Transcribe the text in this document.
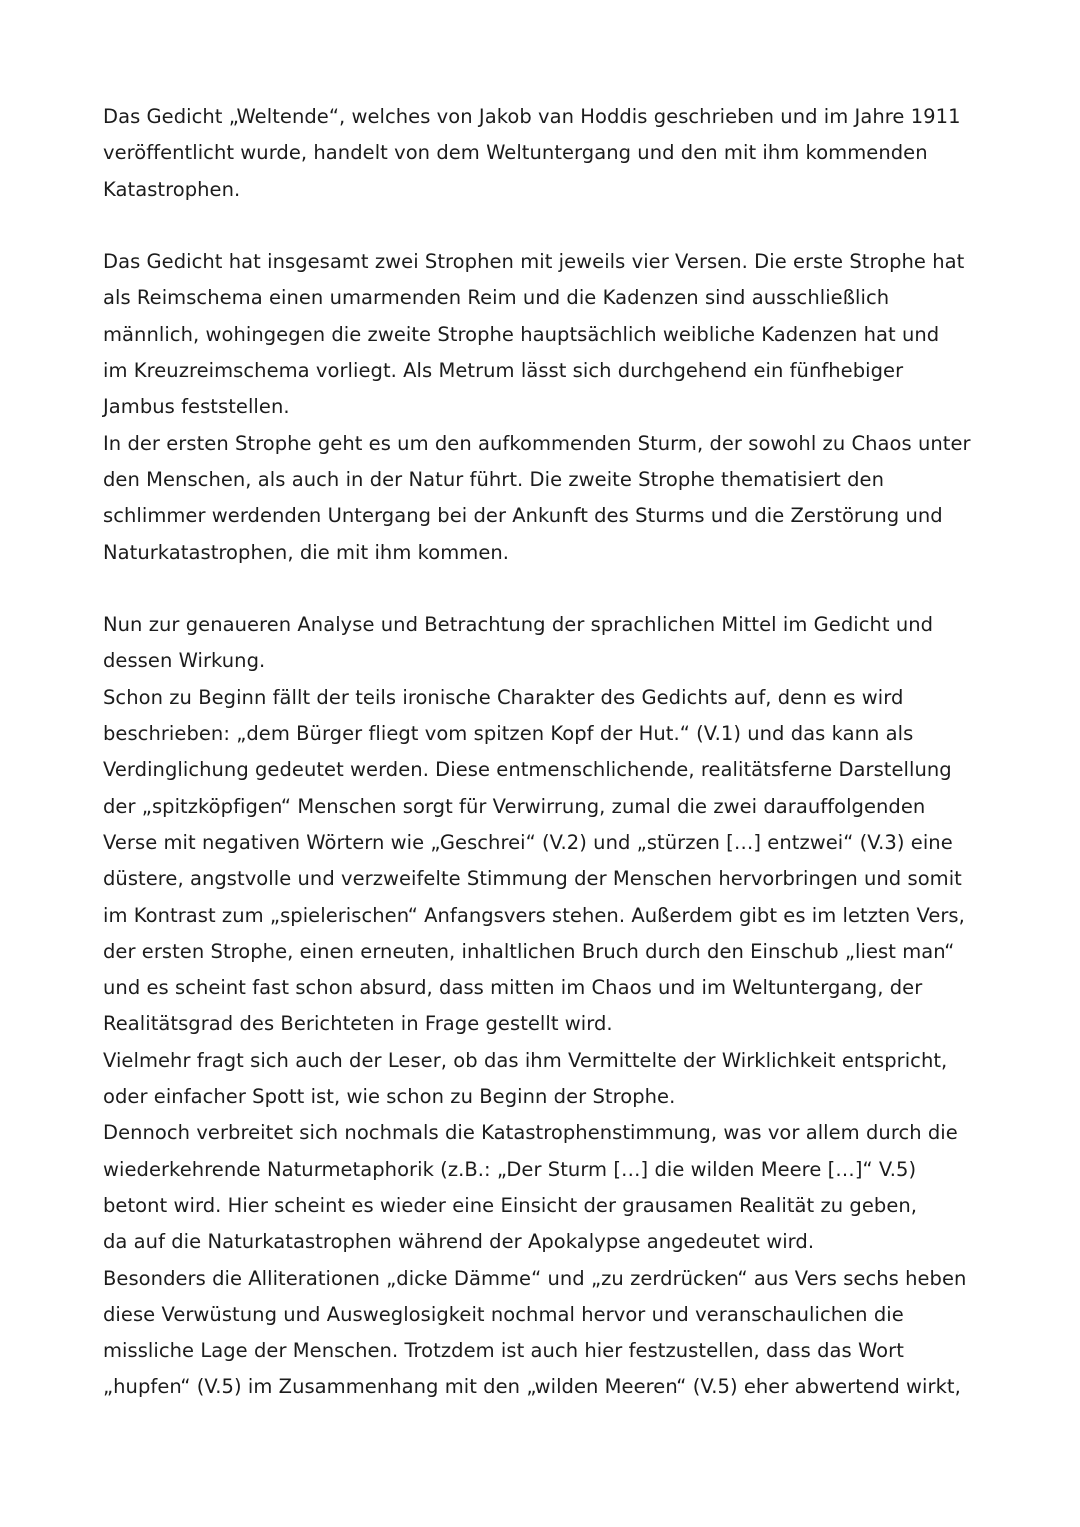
Das Gedicht „Weltende“, welches von Jakob van Hoddis geschrieben und im Jahre 1911
veröffentlicht wurde, handelt von dem Weltuntergang und den mit ihm kommenden
Katastrophen.
Das Gedicht hat insgesamt zwei Strophen mit jeweils vier Versen. Die erste Strophe hat
als Reimschema einen umarmenden Reim und die Kadenzen sind ausschließlich
männlich, wohingegen die zweite Strophe hauptsächlich weibliche Kadenzen hat und
im Kreuzreimschema vorliegt. Als Metrum lässt sich durchgehend ein fünfhebiger
Jambus feststellen.
In der ersten Strophe geht es um den aufkommenden Sturm, der sowohl zu Chaos unter
den Menschen, als auch in der Natur führt. Die zweite Strophe thematisiert den
schlimmer werdenden Untergang bei der Ankunft des Sturms und die Zerstörung und
Naturkatastrophen, die mit ihm kommen.
Nun zur genaueren Analyse und Betrachtung der sprachlichen Mittel im Gedicht und
dessen Wirkung.
Schon zu Beginn fällt der teils ironische Charakter des Gedichts auf, denn es wird
beschrieben: „dem Bürger fliegt vom spitzen Kopf der Hut.“ (V.1) und das kann als
Verdinglichung gedeutet werden. Diese entmenschlichende, realitätsferne Darstellung
der „spitzköpfigen“ Menschen sorgt für Verwirrung, zumal die zwei darauffolgenden
Verse mit negativen Wörtern wie „Geschrei“ (V.2) und „stürzen […] entzwei“ (V.3) eine
düstere, angstvolle und verzweifelte Stimmung der Menschen hervorbringen und somit
im Kontrast zum „spielerischen“ Anfangsvers stehen. Außerdem gibt es im letzten Vers,
der ersten Strophe, einen erneuten, inhaltlichen Bruch durch den Einschub „liest man“
und es scheint fast schon absurd, dass mitten im Chaos und im Weltuntergang, der
Realitätsgrad des Berichteten in Frage gestellt wird.
Vielmehr fragt sich auch der Leser, ob das ihm Vermittelte der Wirklichkeit entspricht,
oder einfacher Spott ist, wie schon zu Beginn der Strophe.
Dennoch verbreitet sich nochmals die Katastrophenstimmung, was vor allem durch die
wiederkehrende Naturmetaphorik (z.B.: „Der Sturm […] die wilden Meere […]“ V.5)
betont wird. Hier scheint es wieder eine Einsicht der grausamen Realität zu geben,
da auf die Naturkatastrophen während der Apokalypse angedeutet wird.
Besonders die Alliterationen „dicke Dämme“ und „zu zerdrücken“ aus Vers sechs heben
diese Verwüstung und Ausweglosigkeit nochmal hervor und veranschaulichen die
missliche Lage der Menschen. Trotzdem ist auch hier festzustellen, dass das Wort
„hupfen“ (V.5) im Zusammenhang mit den „wilden Meeren“ (V.5) eher abwertend wirkt,
